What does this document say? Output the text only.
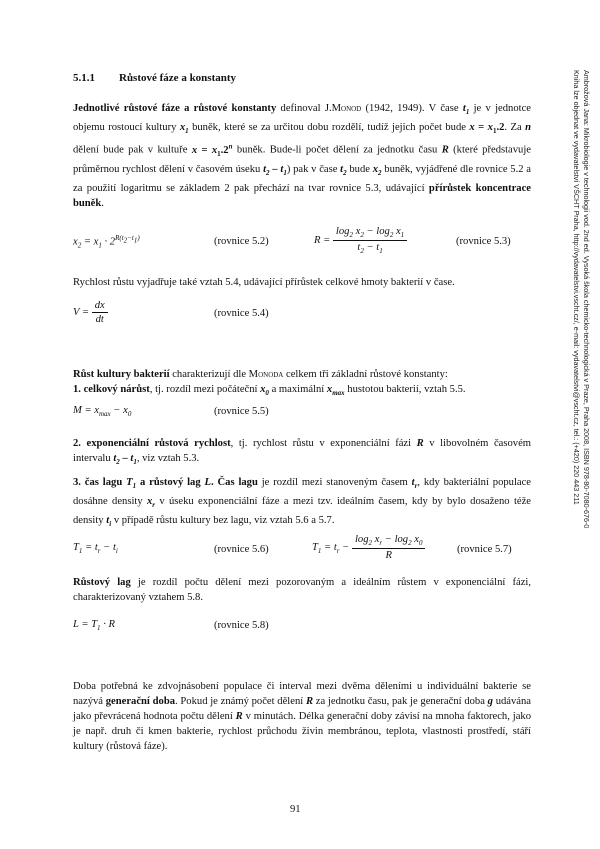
5.1.1 Růstové fáze a konstanty	Ambrožová Jana: Mikrobiologie v technologii vod. 2nd ed. Vysoká škola chemicko-technologická v Praze, Praha 2008, ISBN 978-80-7080-676-0
Kniha lze objednat ve vydavatelství VŠCHT Praha, http://vydavatelstvi.vscht.cz/, e-mail: vydavatelstvi@vscht.cz, tel.: (+420) 220 443 211
Jednotlivé růstové fáze a růstové konstanty definoval J.Monod (1942, 1949). V čase $t_1$ je v jednotce objemu rostoucí kultury $x_1$ buněk, které se za určitou dobu rozdělí, tudíž jejich počet bude $x = x_1.2$. Za n dělení bude pak v kultuře $x = x_1.2^n$ buněk. Bude-li počet dělení za jednotku času R (které představuje průměrnou rychlost dělení v časovém úseku $t_2 - t_1$) pak v čase $t_2$ bude $x_2$ buněk, vyjádřené dle rovnice 5.2 a za použití logaritmu se základem 2 pak přechází na tvar rovnice 5.3, udávající přírůstek koncentrace buněk.
$x_2 = x_1 \cdot 2^{R(t_2-t_1)}$	(rovnice 5.2)	$R = \frac{\log_2 x_2 - \log_2 x_1}{t_2 - t_1}$	(rovnice 5.3)
Rychlost růstu vyjadřuje také vztah 5.4, udávající přírůstek celkové hmoty bakterií v čase.
$V = \frac{dx}{dt}$	(rovnice 5.4)
Růst kultury bakterií charakterizují dle Monoda celkem tři základní růstové konstanty:
1. celkový nárůst, tj. rozdíl mezi počáteční $x_0$ a maximální $x_{max}$ hustotou bakterií, vztah 5.5.
$M = x_{max} - x_0$	(rovnice 5.5)
2. exponenciální růstová rychlost, tj. rychlost růstu v exponenciální fázi R v libovolném časovém intervalu $t_2 - t_1$, viz vztah 5.3.
3. čas lagu $T_1$ a růstový lag L. Čas lagu je rozdíl mezi stanoveným časem $t_r$, kdy bakteriální populace dosáhne density $x_r$ v úseku exponenciální fáze a mezi tzv. ideálním časem, kdy by bylo dosaženo téže density $t_i$ v případě růstu kultury bez lagu, viz vztah 5.6 a 5.7.
$T_1 = t_r - t_i$	(rovnice 5.6)	$T_1 = t_r - \frac{\log_2 x_r - \log_2 x_0}{R}$	(rovnice 5.7)
Růstový lag je rozdíl počtu dělení mezi pozorovaným a ideálním růstem v exponenciální fázi, charakterizovaný vztahem 5.8.
$L = T_1 \cdot R$	(rovnice 5.8)
Doba potřebná ke zdvojnásobení populace či interval mezi dvěma děleními u individuální bakterie se nazývá generační doba. Pokud je známý počet dělení R za jednotku času, pak je generační doba g udávána jako převrácená hodnota počtu dělení R v minutách. Délka generační doby závisí na mnoha faktorech, jako je např. druh či kmen bakterie, rychlost průchodu živin membránou, teplota, vlastnosti prostředí, stáří kultury (růstová fáze).
91
